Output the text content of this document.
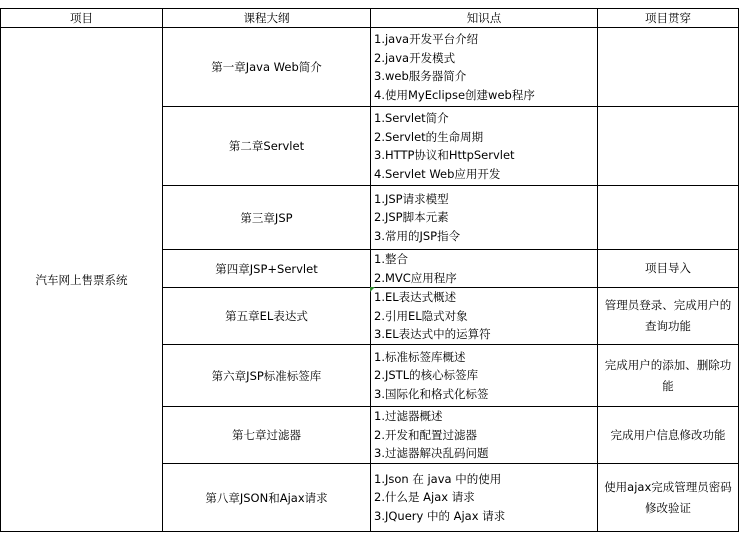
项目	课程大纲	知识点	项目贯穿
汽车网上售票系统	第一章Java Web简介	1.java开发平台介绍
2.java开发模式
3.web服务器简介
4.使用MyEclipse创建web程序	

	第二章Servlet	1.Servlet简介
2.Servlet的生命周期
3.HTTP协议和HttpServlet
4.Servlet Web应用开发	

	第三章JSP	1.JSP请求模型
2.JSP脚本元素
3.常用的JSP指令	

	第四章JSP+Servlet	1.整合
2.MVC应用程序	项目导入
	第五章EL表达式	1.EL表达式概述
2.引用EL隐式对象
3.EL表达式中的运算符	管理员登录、完成用户的查询功能
	第六章JSP标准标签库	1.标准标签库概述
2.JSTL的核心标签库
3.国际化和格式化标签	完成用户的添加、删除功能
	第七章过滤器	1.过滤器概述
2.开发和配置过滤器
3.过滤器解决乱码问题	完成用户信息修改功能
	第八章JSON和Ajax请求	1.Json 在 java 中的使用
2.什么是 Ajax 请求
3.JQuery 中的 Ajax 请求	使用ajax完成管理员密码修改验证
